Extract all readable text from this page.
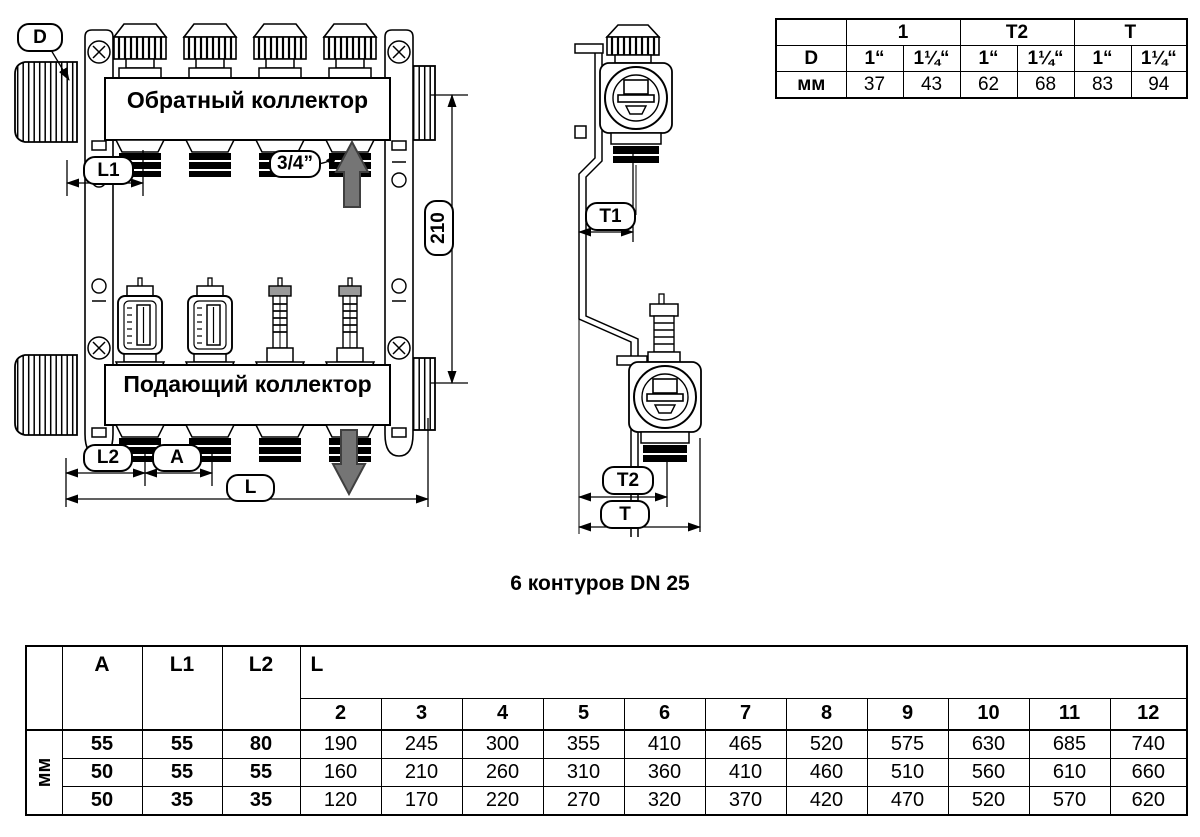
Обратный коллектор
Подающий коллектор
D
L1	3/4”
210
L2	A
L
T1
T2
T
	1		T2		T	
D	1“	1¼“	1“	1¼“	1“	1¼“
мм	37	43	62	68	83	94
6 контуров DN 25
	A	L1	L2	L										
				2	3	4	5	6	7	8	9	10	11	12

мм	55	55	80	190	245	300	355	410	465	520	575	630	685	740
	50	55	55	160	210	260	310	360	410	460	510	560	610	660
	50	35	35	120	170	220	270	320	370	420	470	520	570	620
